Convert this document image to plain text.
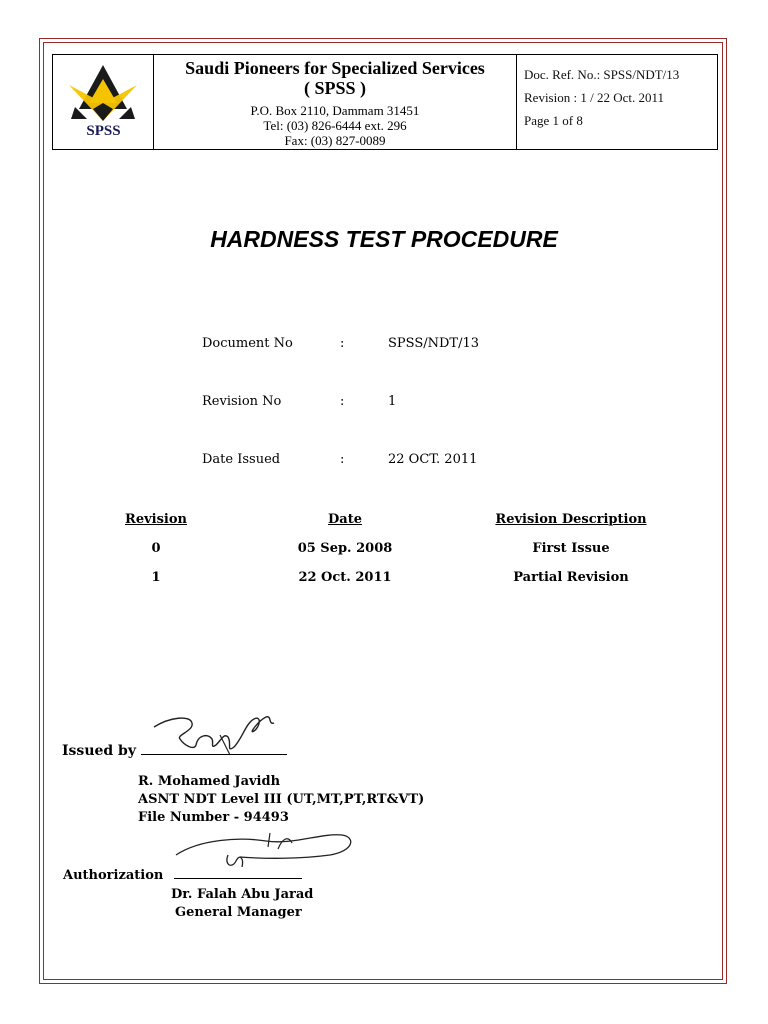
SPSS
Saudi Pioneers for Specialized Services
( SPSS )
P.O. Box 2110, Dammam 31451
Tel: (03) 826-6444 ext. 296
Fax: (03) 827-0089
Doc. Ref. No.: SPSS/NDT/13
Revision : 1 / 22 Oct. 2011
Page 1 of 8
HARDNESS TEST PROCEDURE
Document No	:	SPSS/NDT/13
Revision No	:	1
Date Issued	:	22 OCT. 2011
Revision	Date	Revision Description
0	05 Sep. 2008	First Issue
1	22 Oct. 2011	Partial Revision
Issued by
R. Mohamed Javidh
ASNT NDT Level III (UT,MT,PT,RT&VT)
File Number - 94493
Authorization
Dr. Falah Abu Jarad
General Manager
